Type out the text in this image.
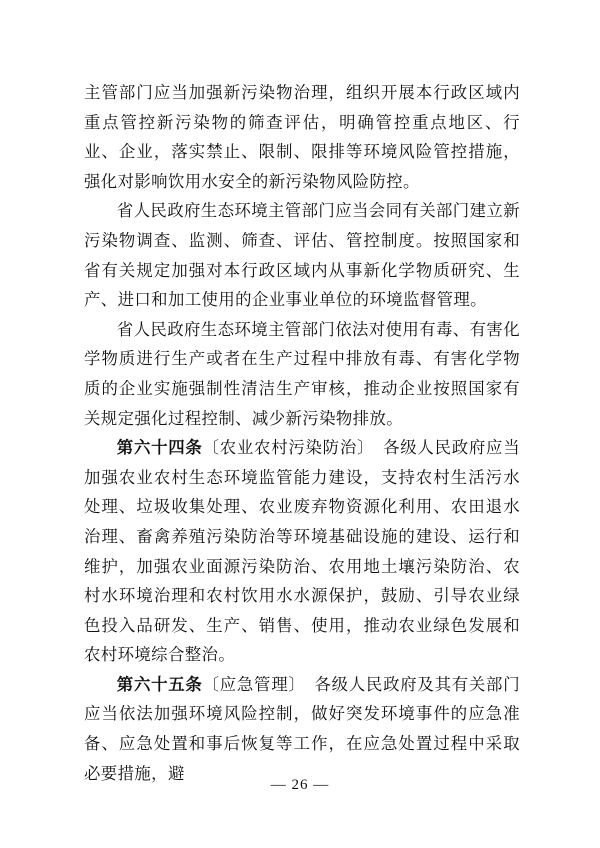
主管部门应当加强新污染物治理，组织开展本行政区域内重点管控新污染物的筛查评估，明确管控重点地区、行业、企业，落实禁止、限制、限排等环境风险管控措施，强化对影响饮用水安全的新污染物风险防控。

省人民政府生态环境主管部门应当会同有关部门建立新污染物调查、监测、筛查、评估、管控制度。按照国家和省有关规定加强对本行政区域内从事新化学物质研究、生产、进口和加工使用的企业事业单位的环境监督管理。

省人民政府生态环境主管部门依法对使用有毒、有害化学物质进行生产或者在生产过程中排放有毒、有害化学物质的企业实施强制性清洁生产审核，推动企业按照国家有关规定强化过程控制、减少新污染物排放。

第六十四条〔农业农村污染防治〕　 各级人民政府应当加强农业农村生态环境监管能力建设，支持农村生活污水处理、垃圾收集处理、农业废弃物资源化利用、农田退水治理、畜禽养殖污染防治等环境基础设施的建设、运行和维护，加强农业面源污染防治、农用地土壤污染防治、农村水环境治理和农村饮用水水源保护，鼓励、引导农业绿色投入品研发、生产、销售、使用，推动农业绿色发展和农村环境综合整治。

第六十五条〔应急管理〕　 各级人民政府及其有关部门应当依法加强环境风险控制，做好突发环境事件的应急准备、应急处置和事后恢复等工作，在应急处置过程中采取必要措施，避

— 26 —
